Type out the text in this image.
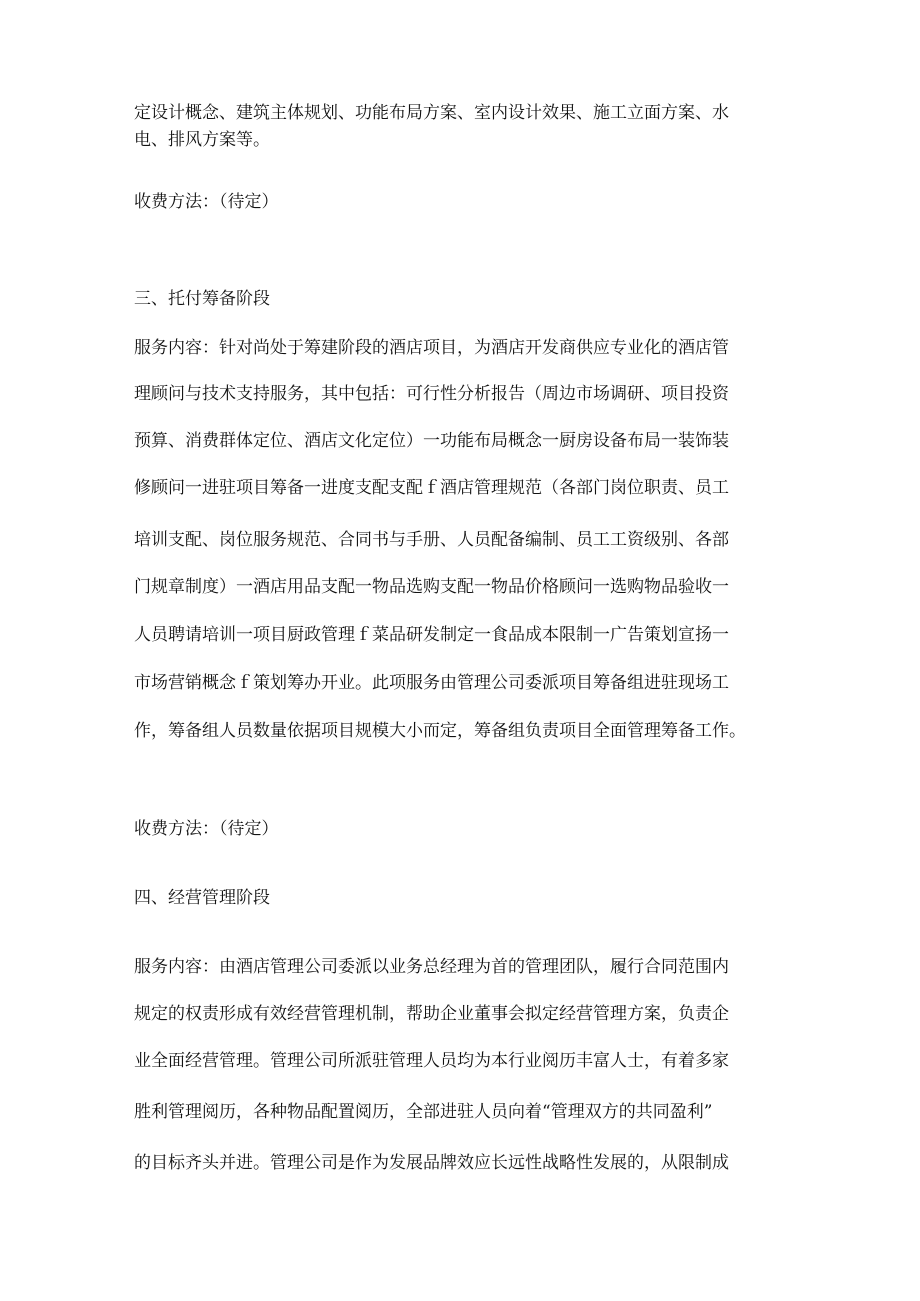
定设计概念、建筑主体规划、功能布局方案、室内设计效果、施工立面方案、水

电、排风方案等。

收费方法：（待定）

三、托付筹备阶段

服务内容：针对尚处于筹建阶段的酒店项目，为酒店开发商供应专业化的酒店管

理顾问与技术支持服务，其中包括：可行性分析报告（周边市场调研、项目投资

预算、消费群体定位、酒店文化定位）一功能布局概念一厨房设备布局一装饰装

修顾问一进驻项目筹备一进度支配支配ｆ酒店管理规范（各部门岗位职责、员工

培训支配、岗位服务规范、合同书与手册、人员配备编制、员工工资级别、各部

门规章制度）一酒店用品支配一物品选购支配一物品价格顾问一选购物品验收一

人员聘请培训一项目厨政管理ｆ菜品研发制定一食品成本限制一广告策划宣扬一

市场营销概念ｆ策划筹办开业。此项服务由管理公司委派项目筹备组进驻现场工

作，筹备组人员数量依据项目规模大小而定，筹备组负责项目全面管理筹备工作。

收费方法：（待定）

四、经营管理阶段

服务内容：由酒店管理公司委派以业务总经理为首的管理团队，履行合同范围内

规定的权责形成有效经营管理机制，帮助企业董事会拟定经营管理方案，负责企

业全面经营管理。管理公司所派驻管理人员均为本行业阅历丰富人士，有着多家

胜利管理阅历，各种物品配置阅历，全部进驻人员向着“管理双方的共同盈利”

的目标齐头并进。管理公司是作为发展品牌效应长远性战略性发展的，从限制成
